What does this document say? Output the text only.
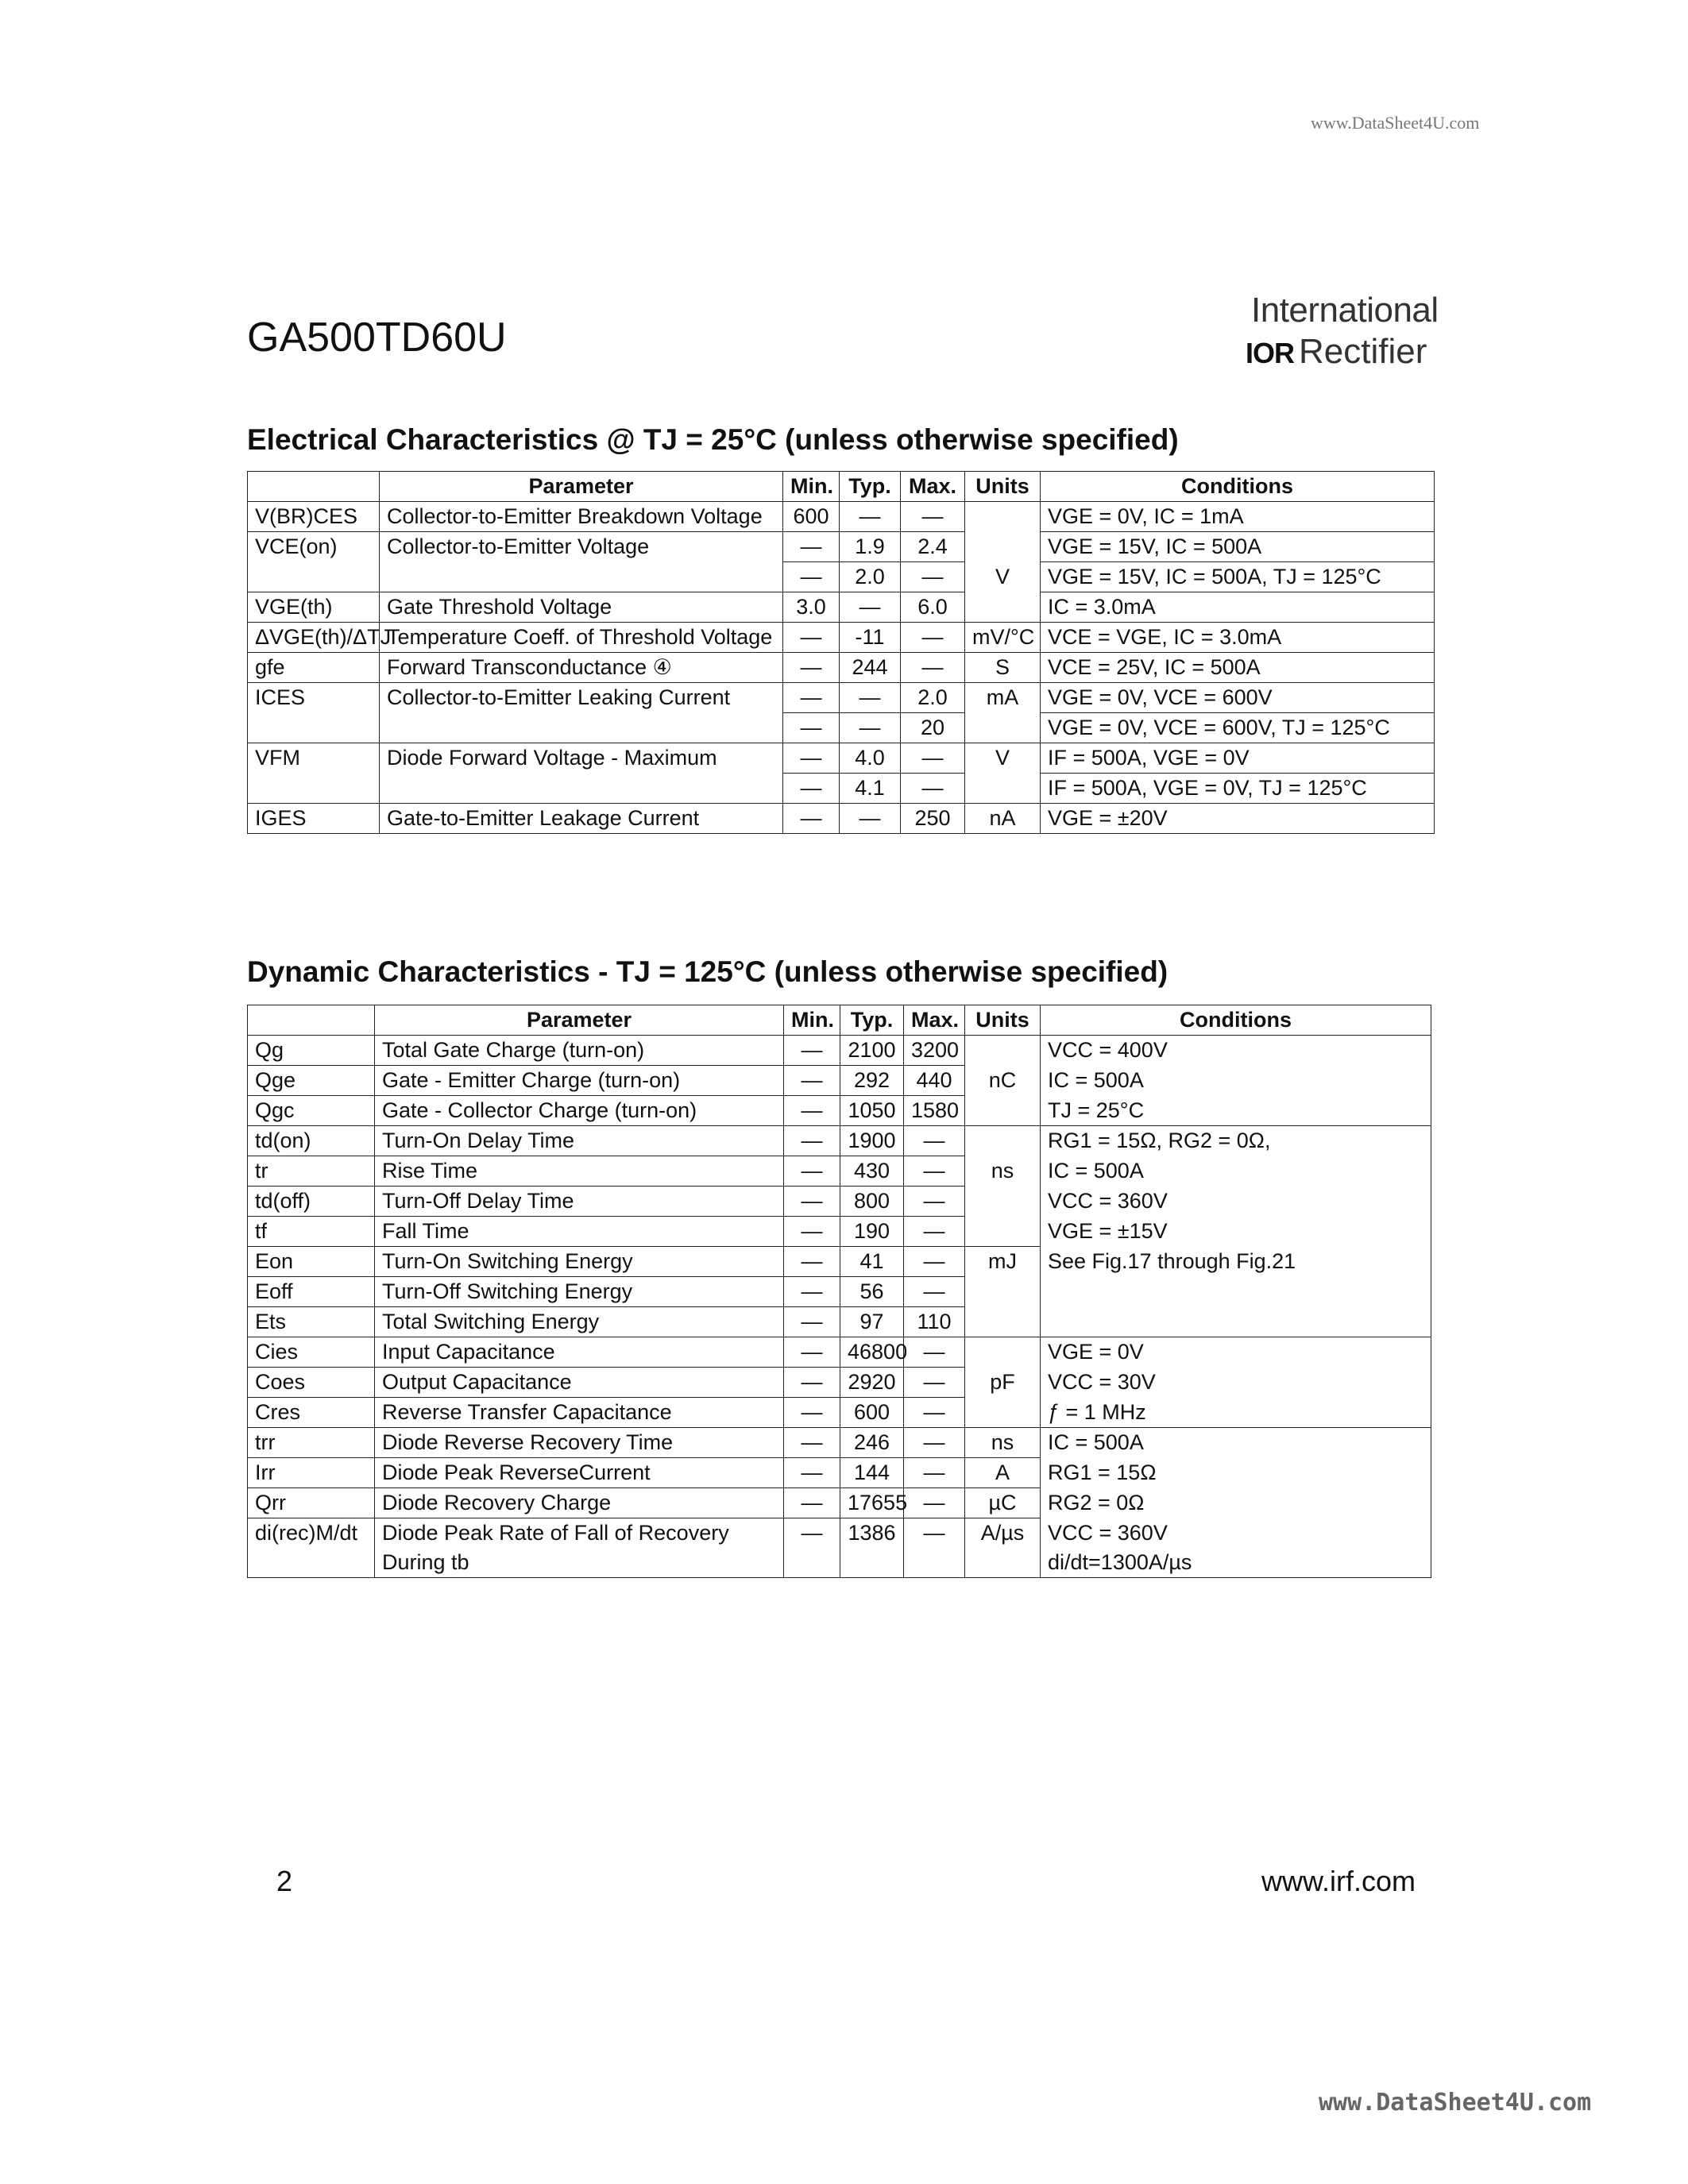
www.DataSheet4U.com
GA500TD60U
International
IOR Rectifier
Electrical Characteristics @ TJ = 25°C (unless otherwise specified)
	Parameter	Min.	Typ.	Max.	Units	Conditions
V(BR)CES	Collector-to-Emitter Breakdown Voltage	600	—	—		VGE = 0V, IC = 1mA
VCE(on)	Collector-to-Emitter Voltage	—	1.9	2.4		VGE = 15V, IC = 500A
		—	2.0	—	V	VGE = 15V, IC = 500A, TJ = 125°C
VGE(th)	Gate Threshold Voltage	3.0	—	6.0		IC = 3.0mA
ΔVGE(th)/ΔTJ	Temperature Coeff. of Threshold Voltage	—	-11	—	mV/°C	VCE = VGE, IC = 3.0mA
gfe	Forward Transconductance ④	—	244	—	S	VCE = 25V, IC = 500A
ICES	Collector-to-Emitter Leaking Current	—	—	2.0	mA	VGE = 0V, VCE = 600V
		—	—	20		VGE = 0V, VCE = 600V, TJ = 125°C
VFM	Diode Forward Voltage - Maximum	—	4.0	—	V	IF = 500A, VGE = 0V
		—	4.1	—		IF = 500A, VGE = 0V, TJ = 125°C
IGES	Gate-to-Emitter Leakage Current	—	—	250	nA	VGE = ±20V
Dynamic Characteristics - TJ = 125°C (unless otherwise specified)
	Parameter	Min.	Typ.	Max.	Units	Conditions
Qg	Total Gate Charge (turn-on)	—	2100	3200		VCC = 400V
Qge	Gate - Emitter Charge (turn-on)	—	292	440	nC	IC = 500A
Qgc	Gate - Collector Charge (turn-on)	—	1050	1580		TJ = 25°C
td(on)	Turn-On Delay Time	—	1900	—		RG1 = 15Ω, RG2 = 0Ω,
tr	Rise Time	—	430	—	ns	IC = 500A
td(off)	Turn-Off Delay Time	—	800	—		VCC = 360V
tf	Fall Time	—	190	—		VGE = ±15V
Eon	Turn-On Switching Energy	—	41	—	mJ	See Fig.17 through Fig.21
Eoff	Turn-Off Switching Energy	—	56	—		
Ets	Total Switching Energy	—	97	110		
Cies	Input Capacitance	—	46800	—		VGE = 0V
Coes	Output Capacitance	—	2920	—	pF	VCC = 30V
Cres	Reverse Transfer Capacitance	—	600	—		ƒ = 1 MHz
trr	Diode Reverse Recovery Time	—	246	—	ns	IC = 500A
Irr	Diode Peak ReverseCurrent	—	144	—	A	RG1 = 15Ω
Qrr	Diode Recovery Charge	—	17655	—	µC	RG2 = 0Ω
di(rec)M/dt	Diode Peak Rate of Fall of Recovery	—	1386	—	A/µs	VCC = 360V
	During tb					di/dt=1300A/µs
2	www.irf.com
www.DataSheet4U.com
